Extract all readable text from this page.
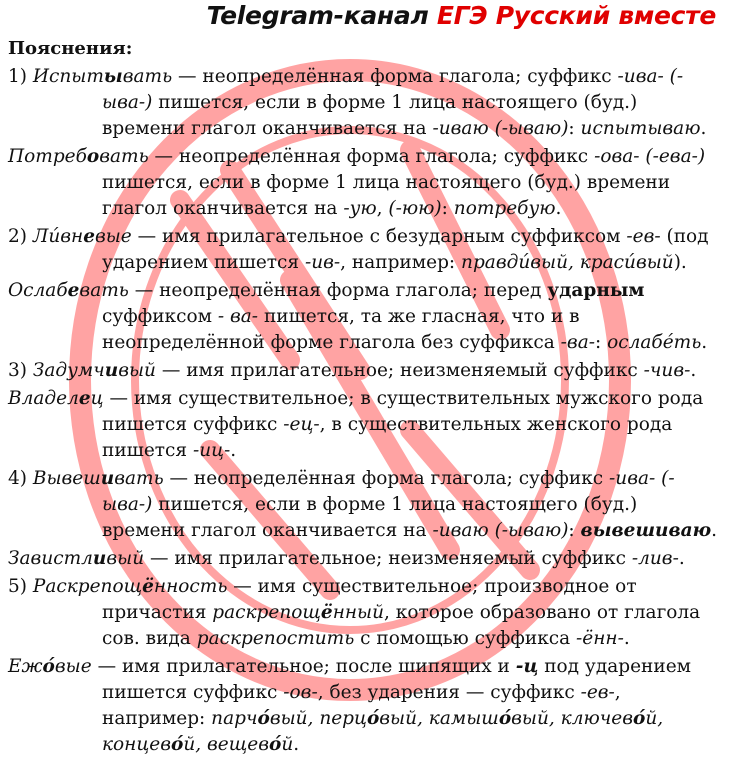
Telegram-канал ЕГЭ Русский вместе
Пояснения:
1) Испытывать — неопределённая форма глагола; суффикс -ива- (-ыва-) пишется, если в форме 1 лица настоящего (буд.) времени глагол оканчивается на -иваю (-ываю): испытываю.
Потребовать — неопределённая форма глагола; суффикс -ова- (-ева-) пишется, если в форме 1 лица настоящего (буд.) времени глагол оканчивается на -ую, (-юю): потребую.
2) Ли́вневые — имя прилагательное с безударным суффиксом -ев- (под ударением пишется -ив-, например: правди́вый, краси́вый).
Ослабевать — неопределённая форма глагола; перед ударным суффиксом - ва- пишется, та же гласная, что и в неопределённой форме глагола без суффикса -ва-: ослабе́ть.
3) Задумчивый — имя прилагательное; неизменяемый суффикс -чив-.
Владелец — имя существительное; в существительных мужского рода пишется суффикс -ец-, в существительных женского рода пишется -иц-.
4) Вывешивать — неопределённая форма глагола; суффикс -ива- (-ыва-) пишется, если в форме 1 лица настоящего (буд.) времени глагол оканчивается на -иваю (-ываю): вывешиваю.
Завистливый — имя прилагательное; неизменяемый суффикс -лив-.
5) Раскрепощённость — имя существительное; производное от причастия раскрепощённый, которое образовано от глагола сов. вида раскрепостить с помощью суффикса -ённ-.
Ежо́вые — имя прилагательное; после шипящих и -ц под ударением пишется суффикс -ов-, без ударения — суффикс -ев-, например: парчо́вый, перцо́вый, камышо́вый, ключево́й, концево́й, вещево́й.
